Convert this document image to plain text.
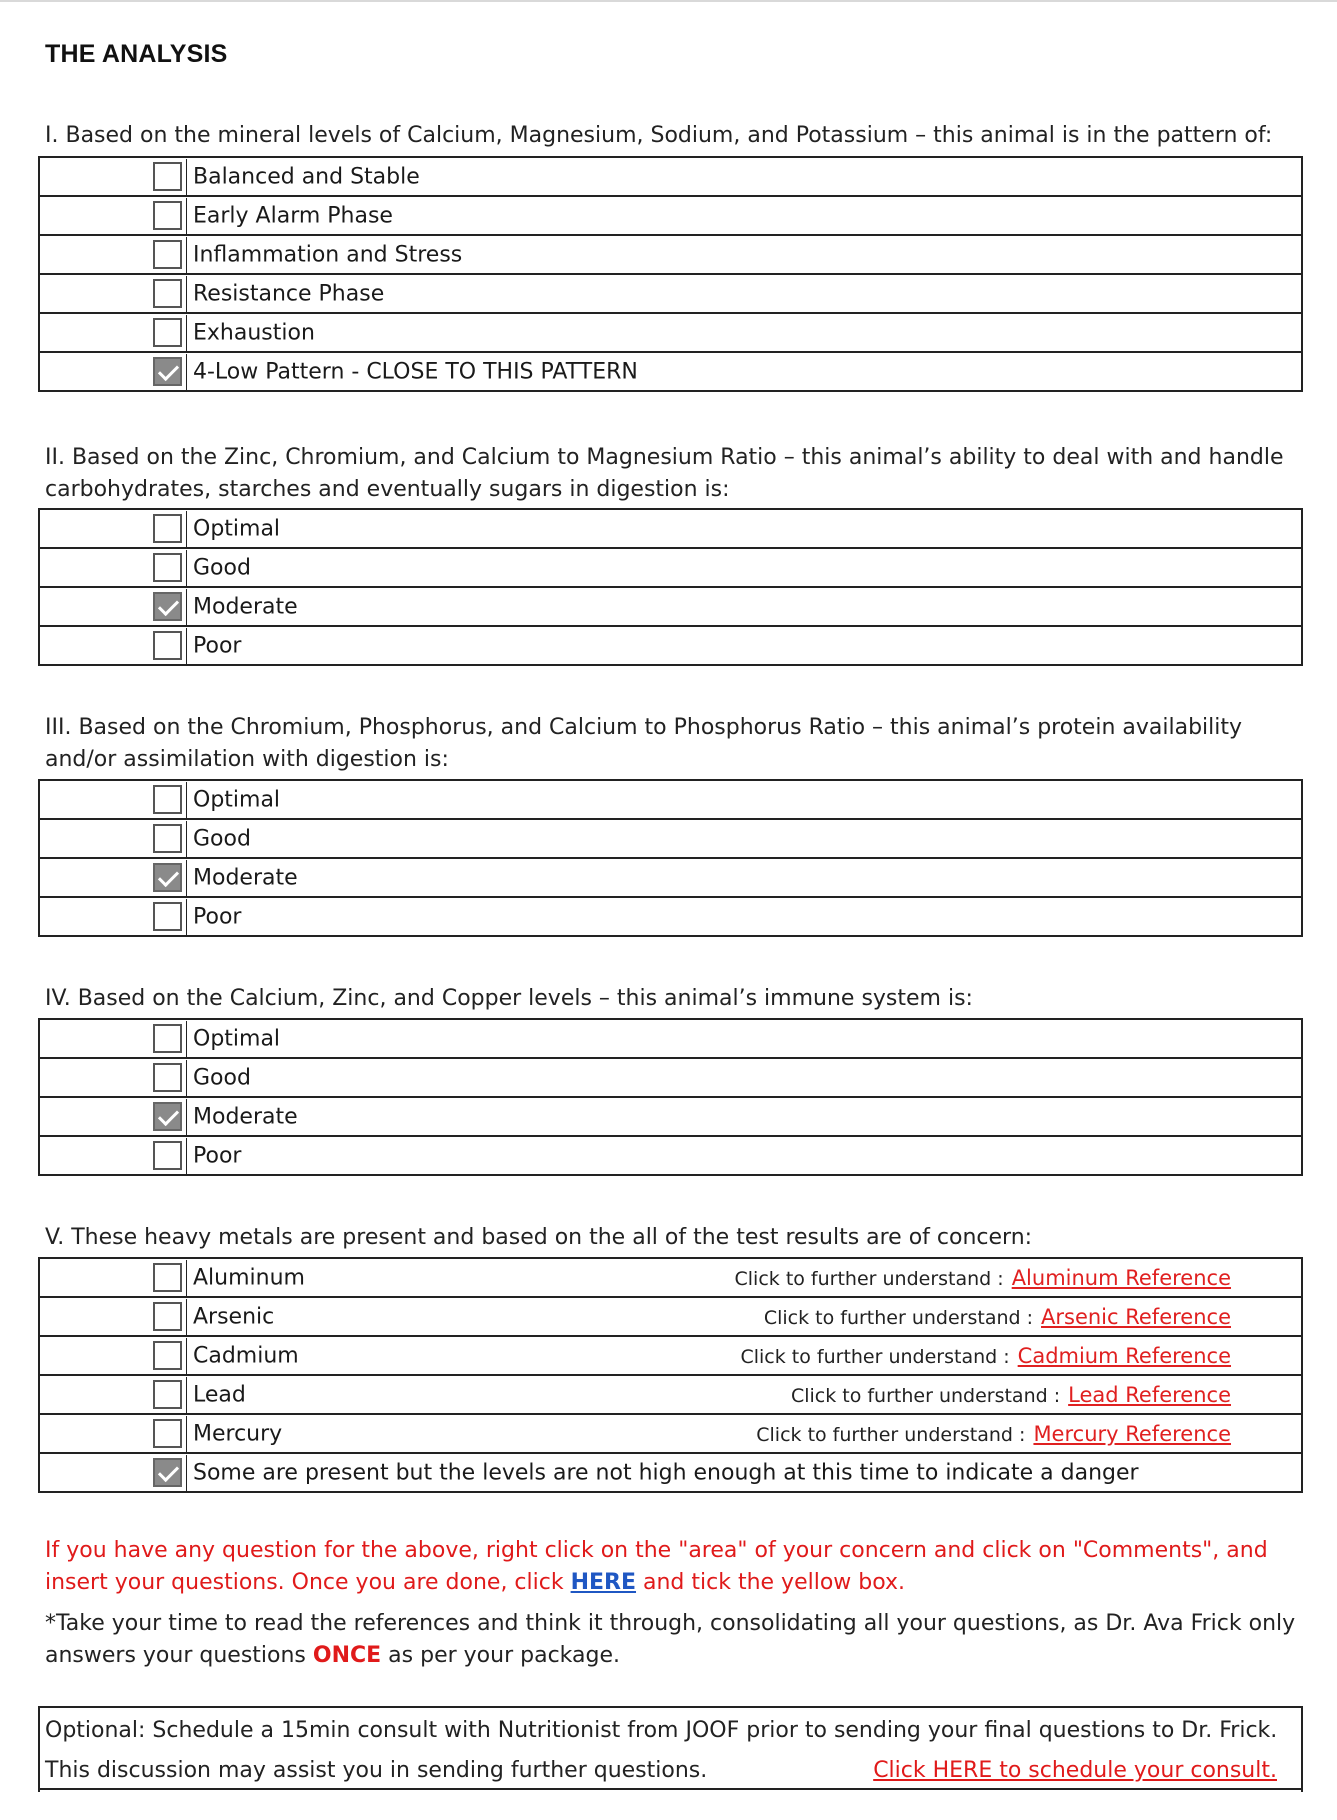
THE ANALYSIS

I. Based on the mineral levels of Calcium, Magnesium, Sodium, and Potassium – this animal is in the pattern of:

	Balanced and Stable
	Early Alarm Phase
	Inflammation and Stress
	Resistance Phase
	Exhaustion
	4-Low Pattern - CLOSE TO THIS PATTERN

II. Based on the Zinc, Chromium, and Calcium to Magnesium Ratio – this animal’s ability to deal with and handle carbohydrates, starches and eventually sugars in digestion is:

	Optimal
	Good
	Moderate
	Poor

III. Based on the Chromium, Phosphorus, and Calcium to Phosphorus Ratio – this animal’s protein availability and/or assimilation with digestion is:

	Optimal
	Good
	Moderate
	Poor

IV. Based on the Calcium, Zinc, and Copper levels – this animal’s immune system is:

	Optimal
	Good
	Moderate
	Poor

V. These heavy metals are present and based on the all of the test results are of concern:

	Aluminum Click to further understand : Aluminum Reference

	Arsenic Click to further understand : Arsenic Reference

	Cadmium Click to further understand : Cadmium Reference

	Lead Click to further understand : Lead Reference

	Mercury Click to further understand : Mercury Reference

	Some are present but the levels are not high enough at this time to indicate a danger
If you have any question for the above, right click on the "area" of your concern and click on "Comments", and insert your questions. Once you are done, click HERE and tick the yellow box.
*Take your time to read the references and think it through, consolidating all your questions, as Dr. Ava Frick only answers your questions ONCE as per your package.
Optional: Schedule a 15min consult with Nutritionist from JOOF prior to sending your final questions to Dr. Frick.
This discussion may assist you in sending further questions.	Click HERE to schedule your consult.
